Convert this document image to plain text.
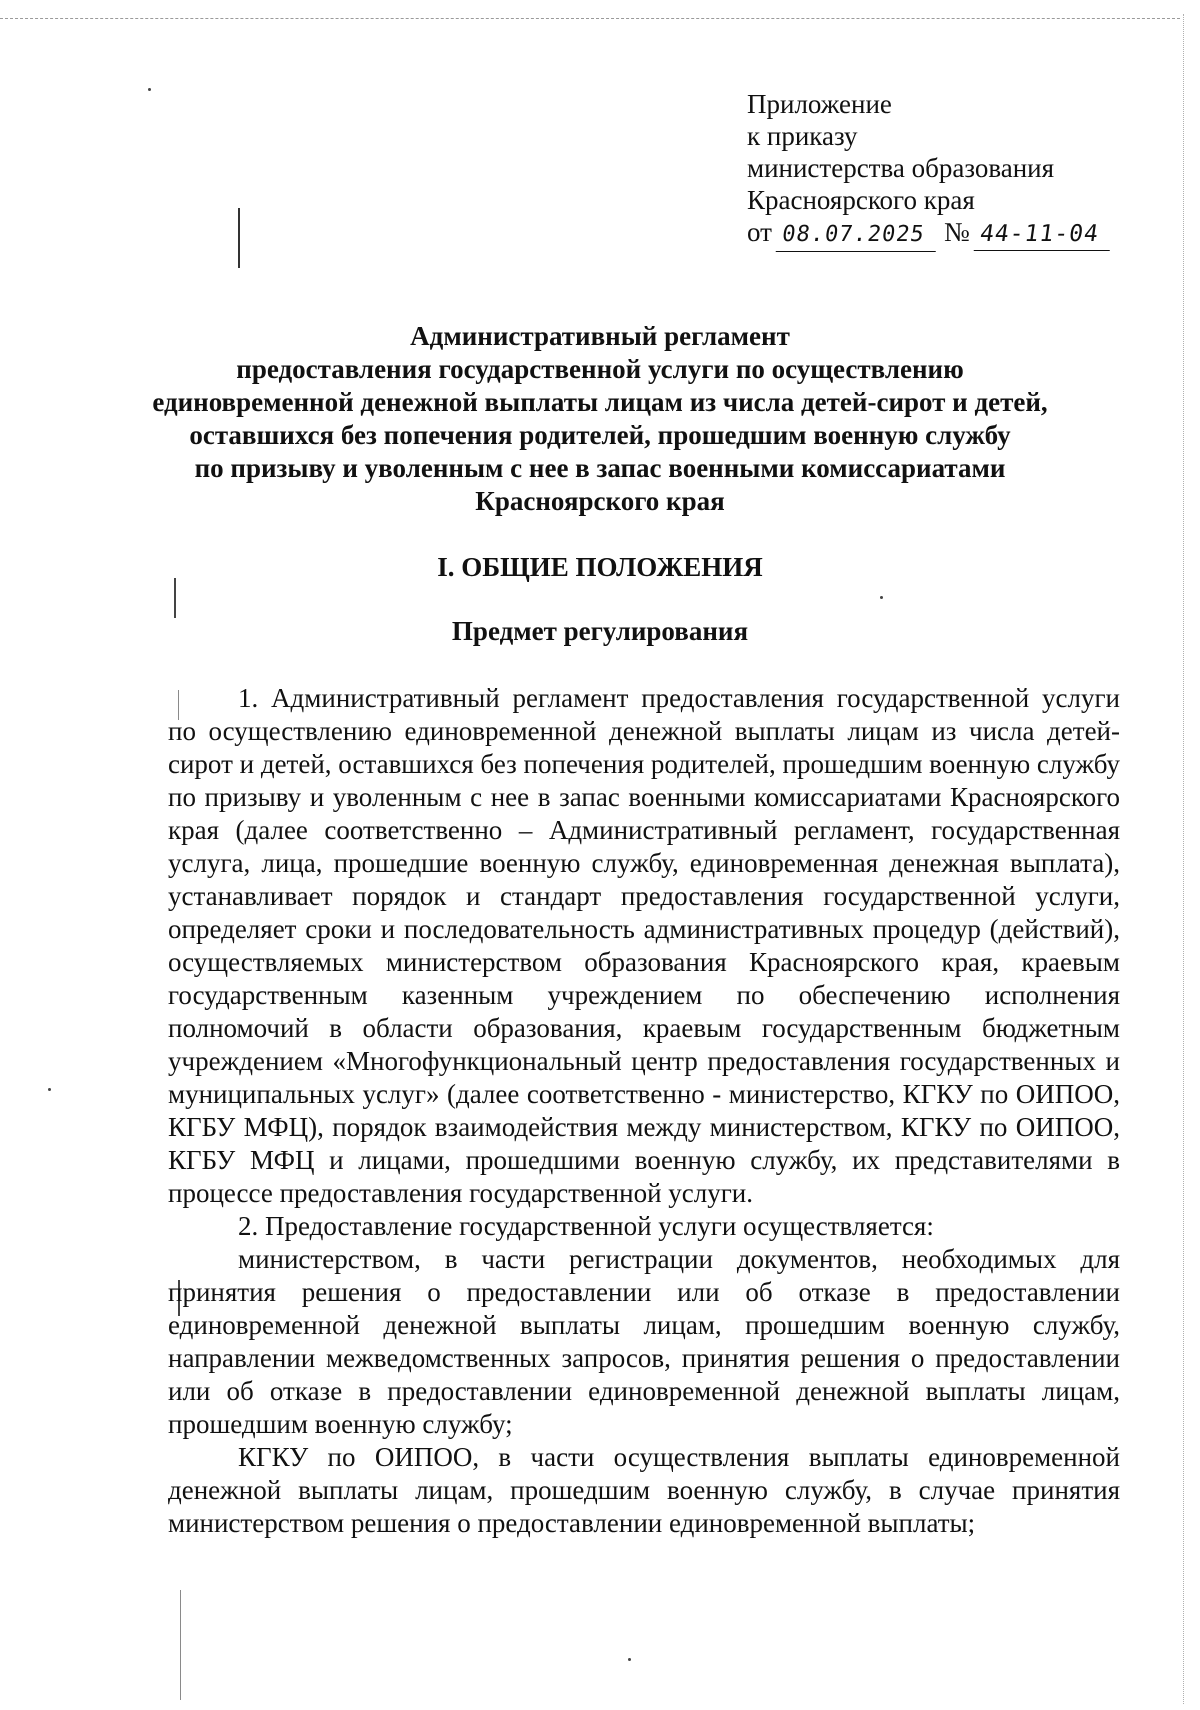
Приложение
к приказу
министерства образования
Красноярского края
от 08.07.2025 № 44-11-04
Административный регламент
предоставления государственной услуги по осуществлению
единовременной денежной выплаты лицам из числа детей-сирот и детей,
оставшихся без попечения родителей, прошедшим военную службу
по призыву и уволенным с нее в запас военными комиссариатами
Красноярского края
I. ОБЩИЕ ПОЛОЖЕНИЯ
Предмет регулирования

1. Административный регламент предоставления государственной услуги по осуществлению единовременной денежной выплаты лицам из числа детей-сирот и детей, оставшихся без попечения родителей, прошедшим военную службу по призыву и уволенным с нее в запас военными комиссариатами Красноярского края (далее соответственно – Административный регламент, государственная услуга, лица, прошедшие военную службу, единовременная денежная выплата), устанавливает порядок и стандарт предоставления государственной услуги, определяет сроки и последовательность административных процедур (действий), осуществляемых министерством образования Красноярского края, краевым государственным казенным учреждением по обеспечению исполнения полномочий в области образования, краевым государственным бюджетным учреждением «Многофункциональный центр предоставления государственных и муниципальных услуг» (далее соответственно - министерство, КГКУ по ОИПОО, КГБУ МФЦ), порядок взаимодействия между министерством, КГКУ по ОИПОО, КГБУ МФЦ и лицами, прошедшими военную службу, их представителями в процессе предоставления государственной услуги.

2. Предоставление государственной услуги осуществляется:

министерством, в части регистрации документов, необходимых для принятия решения о предоставлении или об отказе в предоставлении единовременной денежной выплаты лицам, прошедшим военную службу, направлении межведомственных запросов, принятия решения о предоставлении или об отказе в предоставлении единовременной денежной выплаты лицам, прошедшим военную службу;

КГКУ по ОИПОО, в части осуществления выплаты единовременной денежной выплаты лицам, прошедшим военную службу, в случае принятия министерством решения о предоставлении единовременной выплаты;
